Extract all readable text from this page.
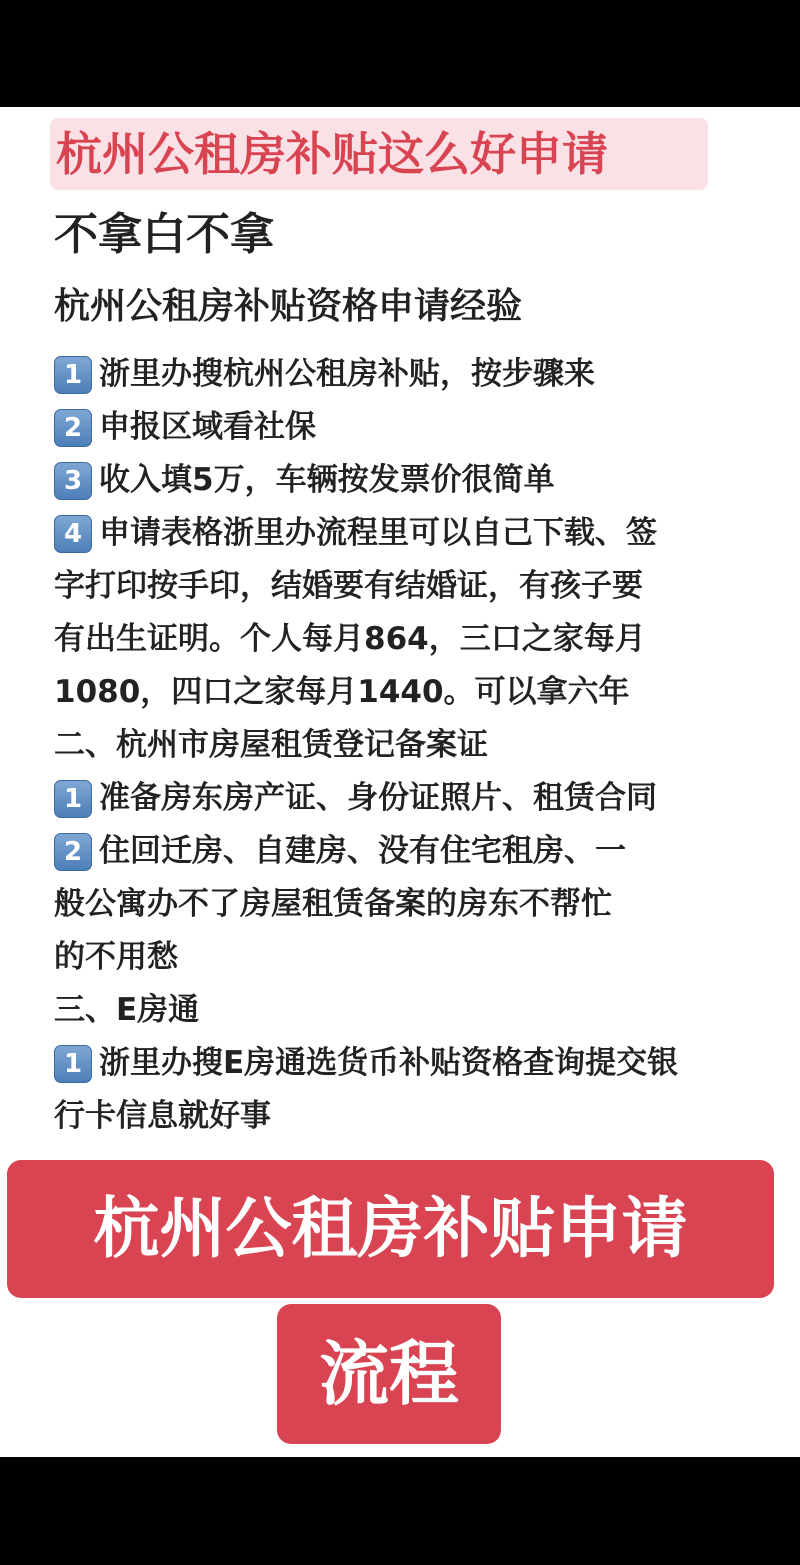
杭州公租房补贴这么好申请
不拿白不拿
杭州公租房补贴资格申请经验
1 浙里办搜杭州公租房补贴，按步骤来
2 申报区域看社保
3 收入填5万，车辆按发票价很简单
4 申请表格浙里办流程里可以自己下载、签
字打印按手印，结婚要有结婚证，有孩子要
有出生证明。个人每月864，三口之家每月
1080，四口之家每月1440。可以拿六年
二、杭州市房屋租赁登记备案证
1 准备房东房产证、身份证照片、租赁合同
2 住回迁房、自建房、没有住宅租房、一
般公寓办不了房屋租赁备案的房东不帮忙
的不用愁
三、E房通
1 浙里办搜E房通选货币补贴资格查询提交银
行卡信息就好事
杭州公租房补贴申请
流程
